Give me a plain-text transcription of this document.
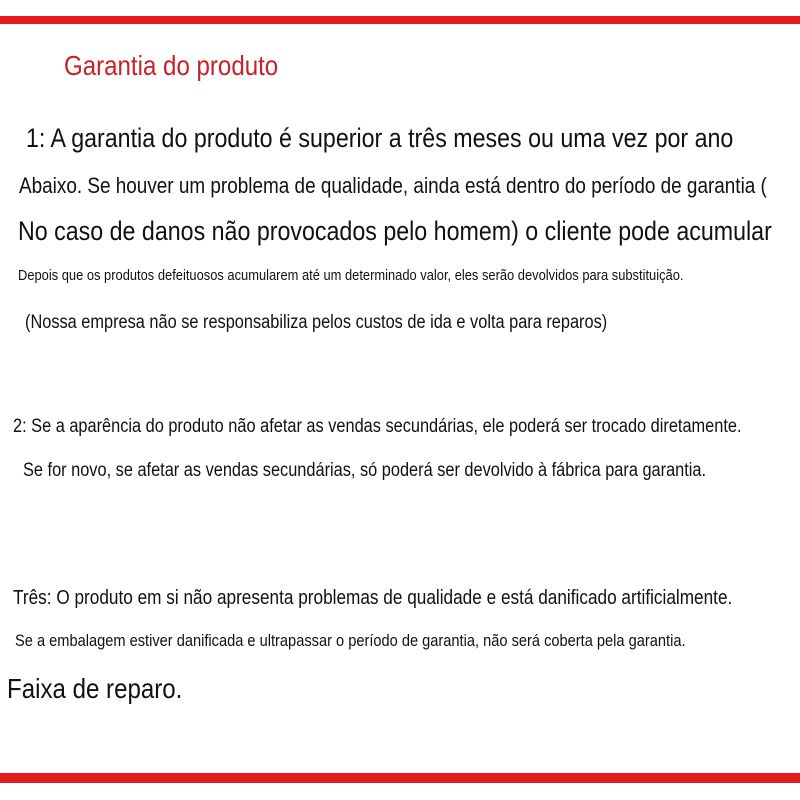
Garantia do produto
1: A garantia do produto é superior a três meses ou uma vez por ano
Abaixo. Se houver um problema de qualidade, ainda está dentro do período de garantia (
No caso de danos não provocados pelo homem) o cliente pode acumular
Depois que os produtos defeituosos acumularem até um determinado valor, eles serão devolvidos para substituição.
(Nossa empresa não se responsabiliza pelos custos de ida e volta para reparos)
2: Se a aparência do produto não afetar as vendas secundárias, ele poderá ser trocado diretamente.
Se for novo, se afetar as vendas secundárias, só poderá ser devolvido à fábrica para garantia.
Três: O produto em si não apresenta problemas de qualidade e está danificado artificialmente.
Se a embalagem estiver danificada e ultrapassar o período de garantia, não será coberta pela garantia.
Faixa de reparo.
